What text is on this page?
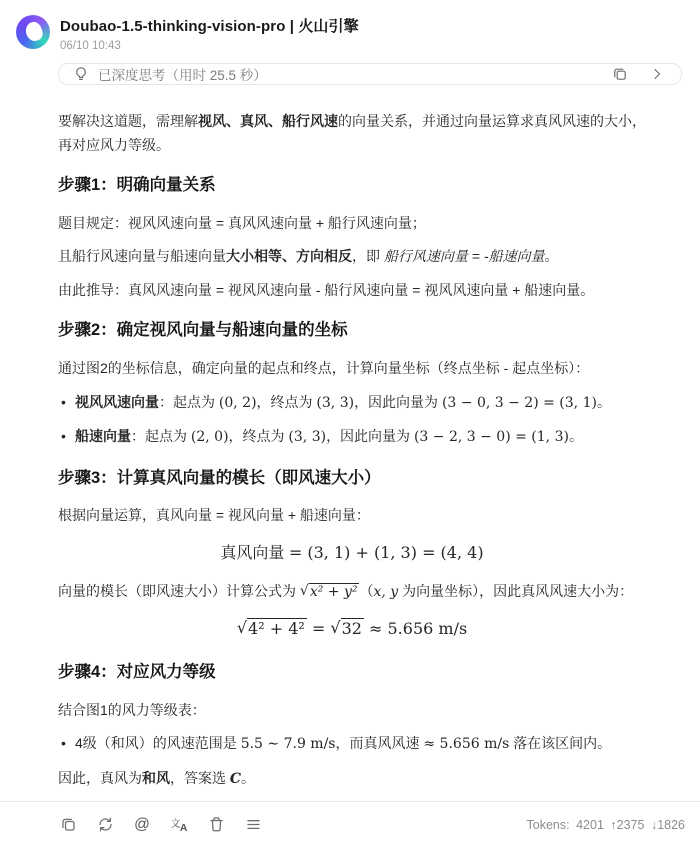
Doubao-1.5-thinking-vision-pro | 火山引擎
06/10 10:43
已深度思考（用时 25.5 秒）
要解决这道题，需理解视风、真风、船行风速的向量关系，并通过向量运算求真风风速的大小，再对应风力等级。
步骤1：明确向量关系
题目规定：视风风速向量 = 真风风速向量 + 船行风速向量；
且船行风速向量与船速向量大小相等、方向相反，即 船行风速向量 = -船速向量。
由此推导：真风风速向量 = 视风风速向量 - 船行风速向量 = 视风风速向量 + 船速向量。
步骤2：确定视风向量与船速向量的坐标
通过图2的坐标信息，确定向量的起点和终点，计算向量坐标（终点坐标 - 起点坐标）：
• 视风风速向量：起点为 (0, 2)，终点为 (3, 3)，因此向量为 (3 − 0, 3 − 2) = (3, 1)。
• 船速向量：起点为 (2, 0)，终点为 (3, 3)，因此向量为 (3 − 2, 3 − 0) = (1, 3)。
步骤3：计算真风向量的模长（即风速大小）
根据向量运算，真风向量 = 视风向量 + 船速向量：
真风向量 = (3, 1) + (1, 3) = (4, 4)
向量的模长（即风速大小）计算公式为 √x² + y² （x, y 为向量坐标），因此真风风速大小为：
√4² + 4² = √32 ≈ 5.656 m/s
步骤4：对应风力等级
结合图1的风力等级表：
• 4级（和风）的风速范围是 5.5 ∼ 7.9 m/s，而真风风速 ≈ 5.656 m/s 落在该区间内。
因此，真风为和风，答案选 C。
@ 文 A	Tokens: 4201 ↑2375 ↓1826
